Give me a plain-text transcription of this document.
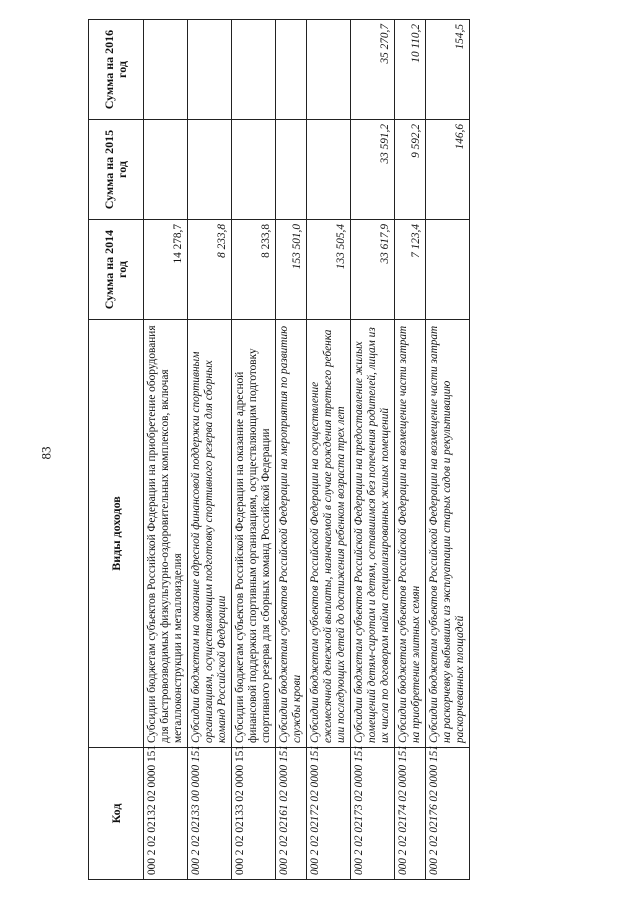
83
Код	Виды доходов	Сумма на 2014 год	Сумма на 2015 год	Сумма на 2016 год
000 2 02 02132 02 0000 151	Субсидии бюджетам субъектов Российской Федерации на приобретение оборудования для быстровозводимых физкультурно-оздоровительных комплексов, включая металлоконструкции и металлоизделия	14 278,7		
000 2 02 02133 00 0000 151	Субсидии бюджетам на оказание адресной финансовой поддержки спортивным организациям, осуществляющим подготовку спортивного резерва для сборных команд Российской Федерации	8 233,8		
000 2 02 02133 02 0000 151	Субсидии бюджетам субъектов Российской Федерации на оказание адресной финансовой поддержки спортивным организациям, осуществляющим подготовку спортивного резерва для сборных команд Российской Федерации	8 233,8		
000 2 02 02161 02 0000 151	Субсидии бюджетам субъектов Российской Федерации на мероприятия по развитию службы крови	153 501,0		
000 2 02 02172 02 0000 151	Субсидии бюджетам субъектов Российской Федерации на осуществление ежемесячной денежной выплаты, назначаемой в случае рождения третьего ребенка или последующих детей до достижения ребенком возраста трех лет	133 505,4		
000 2 02 02173 02 0000 151	Субсидии бюджетам субъектов Российской Федерации на предоставление жилых помещений детям-сиротам и детям, оставшимся без попечения родителей, лицам из их числа по договорам найма специализированных жилых помещений	33 617,9	33 591,2	35 270,7
000 2 02 02174 02 0000 151	Субсидии бюджетам субъектов Российской Федерации на возмещение части затрат на приобретение элитных семян	7 123,4	9 592,2	10 110,2
000 2 02 02176 02 0000 151	Субсидии бюджетам субъектов Российской Федерации на возмещение части затрат на раскорчевку выбывших из эксплуатации старых садов и рекультивацию раскорчеванных площадей		146,6	154,5
